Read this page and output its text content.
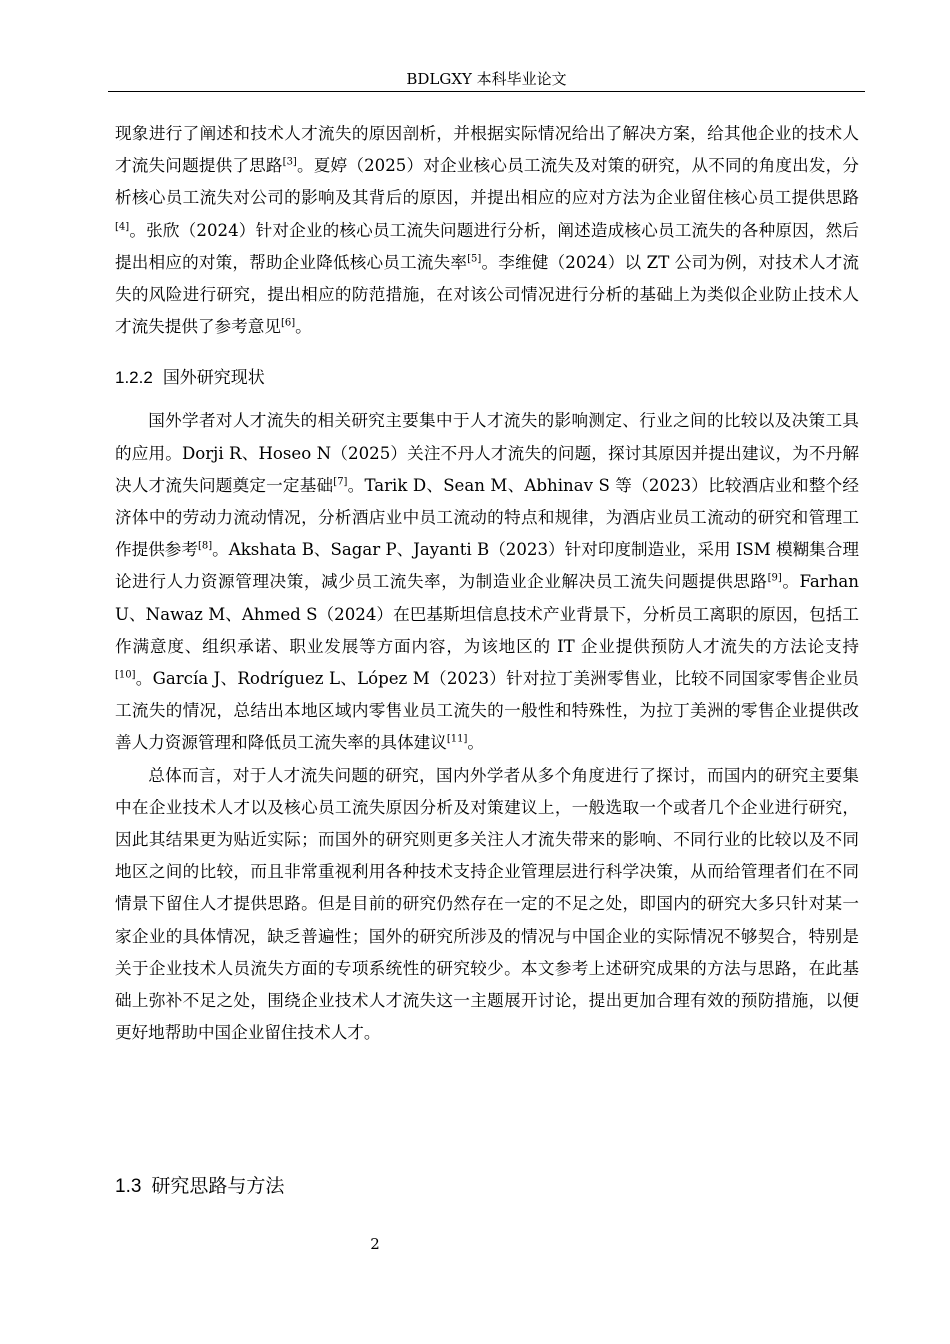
BDLGXY 本科毕业论文

现象进行了阐述和技术人才流失的原因剖析，并根据实际情况给出了解决方案，给其他企业的技术人才流失问题提供了思路[3]。夏婷（2025）对企业核心员工流失及对策的研究，从不同的角度出发，分析核心员工流失对公司的影响及其背后的原因，并提出相应的应对方法为企业留住核心员工提供思路[4]。张欣（2024）针对企业的核心员工流失问题进行分析，阐述造成核心员工流失的各种原因，然后提出相应的对策，帮助企业降低核心员工流失率[5]。李维健（2024）以 ZT 公司为例，对技术人才流失的风险进行研究，提出相应的防范措施，在对该公司情况进行分析的基础上为类似企业防止技术人才流失提供了参考意见[6]。

1.2.2 国外研究现状

国外学者对人才流失的相关研究主要集中于人才流失的影响测定、行业之间的比较以及决策工具的应用。Dorji R、Hoseo N（2025）关注不丹人才流失的问题，探讨其原因并提出建议，为不丹解决人才流失问题奠定一定基础[7]。Tarik D、Sean M、Abhinav S 等（2023）比较酒店业和整个经济体中的劳动力流动情况，分析酒店业中员工流动的特点和规律，为酒店业员工流动的研究和管理工作提供参考[8]。Akshata B、Sagar P、Jayanti B（2023）针对印度制造业，采用 ISM 模糊集合理论进行人力资源管理决策，减少员工流失率，为制造业企业解决员工流失问题提供思路[9]。Farhan U、Nawaz M、Ahmed S（2024）在巴基斯坦信息技术产业背景下，分析员工离职的原因，包括工作满意度、组织承诺、职业发展等方面内容，为该地区的 IT 企业提供预防人才流失的方法论支持[10]。García J、Rodríguez L、López M（2023）针对拉丁美洲零售业，比较不同国家零售企业员工流失的情况，总结出本地区域内零售业员工流失的一般性和特殊性，为拉丁美洲的零售企业提供改善人力资源管理和降低员工流失率的具体建议[11]。

总体而言，对于人才流失问题的研究，国内外学者从多个角度进行了探讨，而国内的研究主要集中在企业技术人才以及核心员工流失原因分析及对策建议上，一般选取一个或者几个企业进行研究，因此其结果更为贴近实际；而国外的研究则更多关注人才流失带来的影响、不同行业的比较以及不同地区之间的比较，而且非常重视利用各种技术支持企业管理层进行科学决策，从而给管理者们在不同情景下留住人才提供思路。但是目前的研究仍然存在一定的不足之处，即国内的研究大多只针对某一家企业的具体情况，缺乏普遍性；国外的研究所涉及的情况与中国企业的实际情况不够契合，特别是关于企业技术人员流失方面的专项系统性的研究较少。本文参考上述研究成果的方法与思路，在此基础上弥补不足之处，围绕企业技术人才流失这一主题展开讨论，提出更加合理有效的预防措施，以便更好地帮助中国企业留住技术人才。

1.3 研究思路与方法
2
